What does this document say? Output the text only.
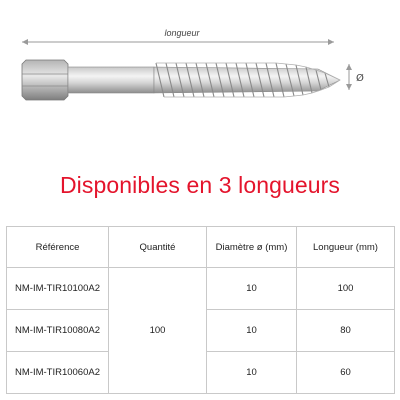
longueur
Ø
Disponibles en 3 longueurs
Référence	Quantité	Diamètre ø (mm)	Longueur (mm)
NM-IM-TIR10100A2	100	10	100
NM-IM-TIR10080A2		10	80
NM-IM-TIR10060A2		10	60
